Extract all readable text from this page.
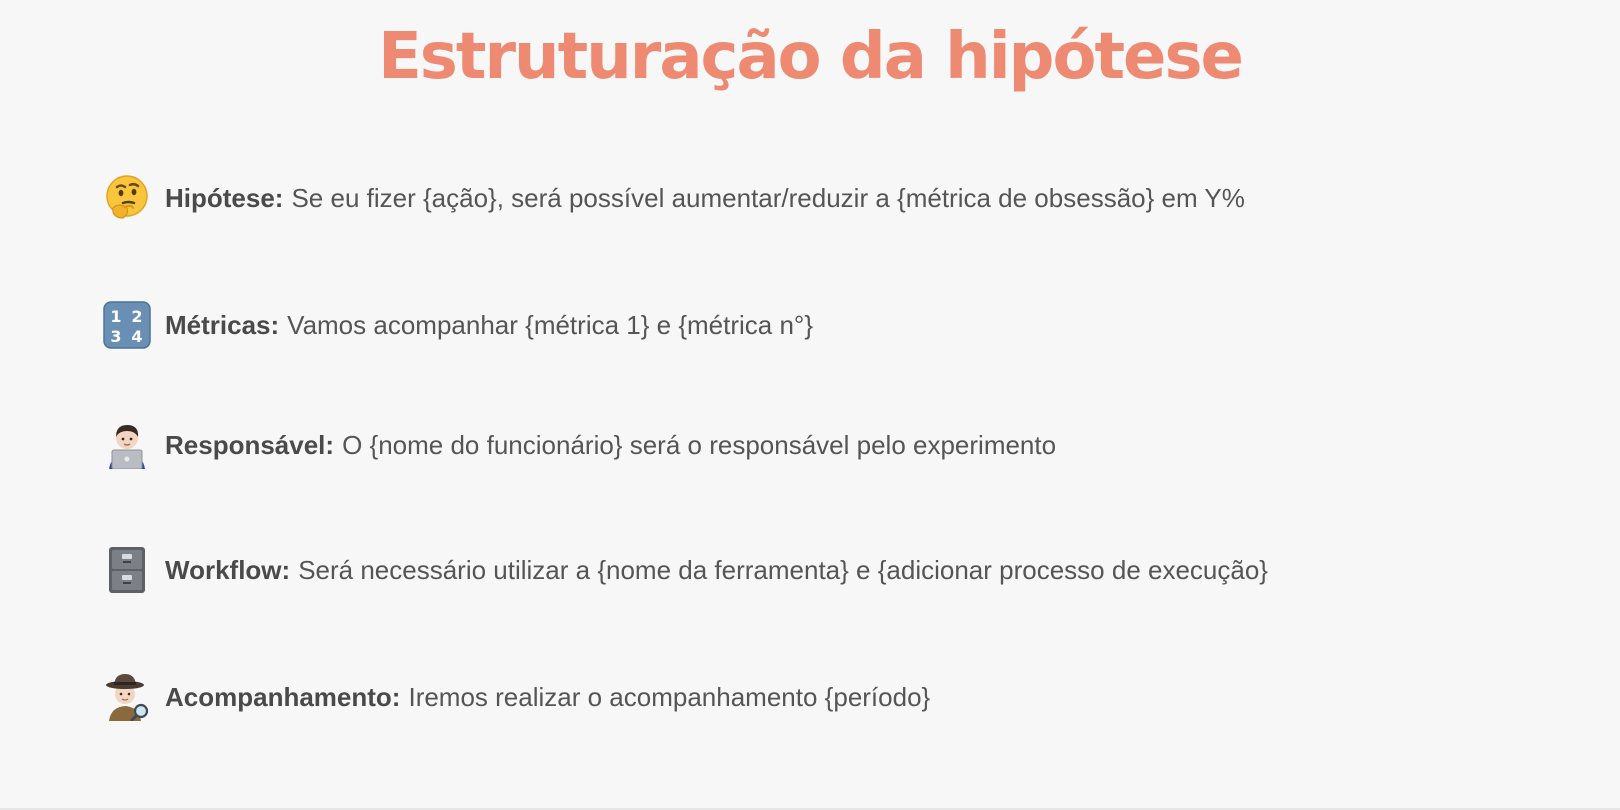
Estruturação da hipótese
Hipótese: Se eu fizer {ação}, será possível aumentar/reduzir a {métrica de obsessão} em Y%
1 2
3 4 Métricas: Vamos acompanhar {métrica 1} e {métrica n°}
Responsável: O {nome do funcionário} será o responsável pelo experimento
Workflow: Será necessário utilizar a {nome da ferramenta} e {adicionar processo de execução}
Acompanhamento: Iremos realizar o acompanhamento {período}
